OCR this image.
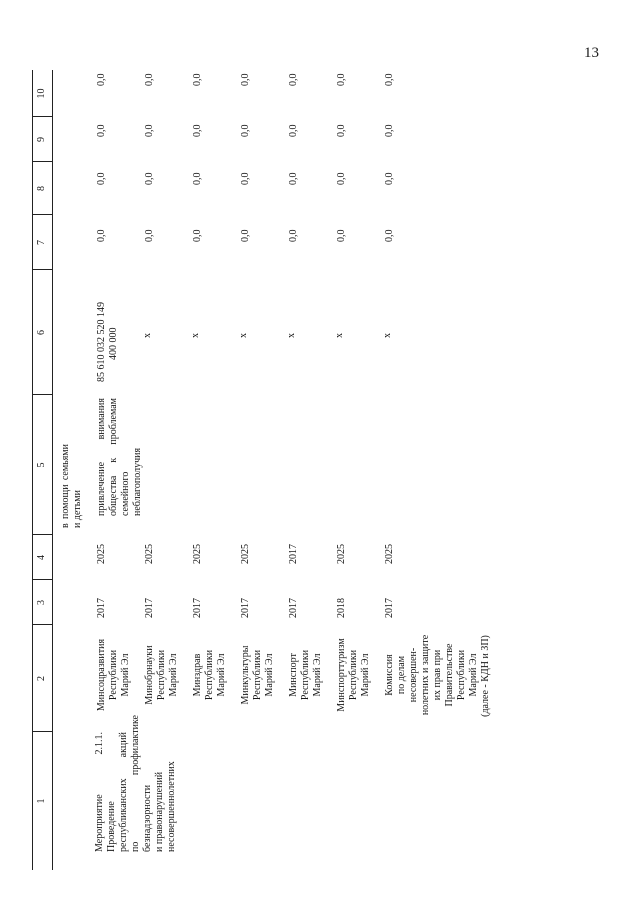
13
1
2
3
4
5
6
7
8
9
10
в помощи семьями и детьми
Мероприятие 2.1.1. Проведение республиканских акций по профилактике безнадзорности и правонарушений несовершеннолетних
Минсоцразвития Республики Марий Эл
2017
2025
привлечение внимания общества к проблемам семейного неблагополучия
85 610 032 520 149 400 000
0,0
0,0
0,0
0,0
Минобрнауки Республики Марий Эл
2017
2025
х
0,0
0,0
0,0
0,0
Минздрав Республики Марий Эл
2017
2025
х
0,0
0,0
0,0
0,0
Минкультуры Республики Марий Эл
2017
2025
х
0,0
0,0
0,0
0,0
Минспорт Республики Марий Эл
2017
2017
х
0,0
0,0
0,0
0,0
Минспорттуризм Республики Марий Эл
2018
2025
х
0,0
0,0
0,0
0,0
Комиссия по делам несовершен- нолетних и защите их прав при Правительстве Республики Марий Эл (далее - КДН и ЗП)
2017
2025
х
0,0
0,0
0,0
0,0
